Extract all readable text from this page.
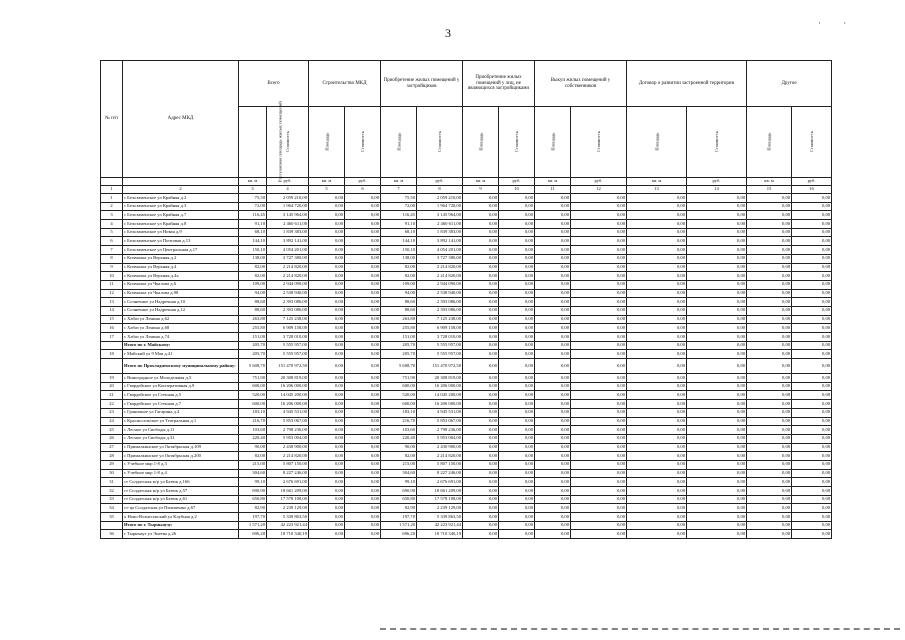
3
· ·
№ п/п	Адрес МКД	Всего		Строительство МКД		Приобретение жилых помещений у застройщиков		Приобретение жилых помещений у лиц, не являющихся застройщиками		Выкуп жилых помещений у собственников		Договор о развитии застроенной территории		Другое	
		Расселяемая площадь жилых помещений	Стоимость	Площадь	Стоимость	Площадь	Стоимость	Площадь	Стоимость	Площадь	Стоимость	Площадь	Стоимость	Площадь	Стоимость
		кв. м	руб.	кв. м	руб.	кв. м	руб.	кв. м	руб.	кв. м	руб.	кв. м	руб.	кв. м	руб.
1	2	3	4	5	6	7	8	9	10	11	12	13	14	15	16
1	с Белозаменское ул Крайняя д.2	75,50	2 059 210,00	0,00	0,00	75,50	2 059 210,00	0,00	0,00	0,00	0,00	0,00	0,00	0,00	0,00
2	с Белозаменское ул Крайняя д.3	72,00	1 964 720,00	0,00	0,00	72,00	1 964 720,00	0,00	0,00	0,00	0,00	0,00	0,00	0,00	0,00
3	с Белозаменское ул Крайняя д.7	116,45	3 145 964,00	0,00	0,00	116,45	3 145 964,00	0,00	0,00	0,00	0,00	0,00	0,00	0,00	0,00
4	с Белозаменское ул Крайняя д.8	91,10	2 460 611,00	0,00	0,00	91,10	2 460 611,00	0,00	0,00	0,00	0,00	0,00	0,00	0,00	0,00
5	с Белозаменское ул Новая д.9	68,10	1 839 383,00	0,00	0,00	68,10	1 839 383,00	0,00	0,00	0,00	0,00	0,00	0,00	0,00	0,00
6	с Белозаменское ул Почтовая д.13	144,10	3 892 141,00	0,00	0,00	144,10	3 892 141,00	0,00	0,00	0,00	0,00	0,00	0,00	0,00	0,00
7	с Белозаменское ул Центральная д.17	150,10	4 054 201,00	0,00	0,00	150,10	4 054 201,00	0,00	0,00	0,00	0,00	0,00	0,00	0,00	0,00
8	с Кичмалка ул Верхняя д.2	138,00	3 727 380,00	0,00	0,00	138,00	3 727 380,00	0,00	0,00	0,00	0,00	0,00	0,00	0,00	0,00
9	с Кичмалка ул Верхняя д.4	82,00	2 214 820,00	0,00	0,00	82,00	2 214 820,00	0,00	0,00	0,00	0,00	0,00	0,00	0,00	0,00
10	с Кичмалка ул Верхняя д.4а	82,00	2 214 820,00	0,00	0,00	82,00	2 214 820,00	0,00	0,00	0,00	0,00	0,00	0,00	0,00	0,00
11	с Кичмалка ул Чкалова д.6	109,00	2 944 090,00	0,00	0,00	109,00	2 944 090,00	0,00	0,00	0,00	0,00	0,00	0,00	0,00	0,00
12	с Кичмалка ул Чкалова д.98	94,00	2 538 940,00	0,00	0,00	94,00	2 538 940,00	0,00	0,00	0,00	0,00	0,00	0,00	0,00	0,00
13	с Солнечное ул Надречная д.10	88,60	2 393 086,00	0,00	0,00	88,60	2 393 086,00	0,00	0,00	0,00	0,00	0,00	0,00	0,00	0,00
14	с Солнечное ул Надречная д.12	88,60	2 393 086,00	0,00	0,00	88,60	2 393 086,00	0,00	0,00	0,00	0,00	0,00	0,00	0,00	0,00
15	с Хабаз ул Ленина д.62	263,80	7 125 238,00	0,00	0,00	263,80	7 125 238,00	0,00	0,00	0,00	0,00	0,00	0,00	0,00	0,00
16	с Хабаз ул Ленина д.68	255,80	6 909 158,00	0,00	0,00	255,80	6 909 158,00	0,00	0,00	0,00	0,00	0,00	0,00	0,00	0,00
17	с Хабаз ул Ленина д.74	151,00	3 728 010,00	0,00	0,00	151,00	3 728 010,00	0,00	0,00	0,00	0,00	0,00	0,00	0,00	0,00
	Итого по г. Майскому:	205,70	5 555 957,00	0,00	0,00	205,70	5 555 957,00	0,00	0,00	0,00	0,00	0,00	0,00	0,00	0,00
18	г Майский ул 9 Мая д.41	205,70	5 555 957,00	0,00	0,00	205,70	5 555 957,00	0,00	0,00	0,00	0,00	0,00	0,00	0,00	0,00
	Итого по Прохладненскому муниципальному району:	5 608,70	151 470 972,50	0,00	0,00	5 608,70	151 470 972,50	0,00	0,00	0,00	0,00	0,00	0,00	0,00	0,00
19	с Виноградное ул Молодежная д.5	751,90	20 308 819,00	0,00	0,00	751,90	20 308 819,00	0,00	0,00	0,00	0,00	0,00	0,00	0,00	0,00
20	с Гвардейское ул Кооперативная д.9	600,00	16 206 000,00	0,00	0,00	600,00	16 206 000,00	0,00	0,00	0,00	0,00	0,00	0,00	0,00	0,00
21	с Гвардейское ул Степная д.5	520,00	14 045 200,00	0,00	0,00	520,00	14 045 200,00	0,00	0,00	0,00	0,00	0,00	0,00	0,00	0,00
22	с Гвардейское ул Степная д.7	600,00	16 206 000,00	0,00	0,00	600,00	16 206 000,00	0,00	0,00	0,00	0,00	0,00	0,00	0,00	0,00
23	с Граничное ул Гагарина д.4	183,10	4 945 531,00	0,00	0,00	183,10	4 945 531,00	0,00	0,00	0,00	0,00	0,00	0,00	0,00	0,00
24	с Красносельское ул Театральная д.1	216,70	5 853 067,00	0,00	0,00	216,70	5 853 067,00	0,00	0,00	0,00	0,00	0,00	0,00	0,00	0,00
25	с Лесное ул Свободы д.11	103,60	2 798 236,00	0,00	0,00	103,60	2 798 236,00	0,00	0,00	0,00	0,00	0,00	0,00	0,00	0,00
26	с Лесное ул Свободы д.31	220,40	5 953 004,00	0,00	0,00	220,40	5 953 004,00	0,00	0,00	0,00	0,00	0,00	0,00	0,00	0,00
27	с Прималкинское ул Октябрьская д.109	90,00	2 430 900,00	0,00	0,00	90,00	2 430 900,00	0,00	0,00	0,00	0,00	0,00	0,00	0,00	0,00
28	с Прималкинское ул Октябрьская д.200	82,00	2 214 820,00	0,00	0,00	82,00	2 214 820,00	0,00	0,00	0,00	0,00	0,00	0,00	0,00	0,00
29	с Учебное мкр 1-8 д.3	215,00	5 807 150,00	0,00	0,00	215,00	5 807 150,00	0,00	0,00	0,00	0,00	0,00	0,00	0,00	0,00
30	с Учебное мкр 1-8 д.4	304,60	8 227 246,00	0,00	0,00	304,60	8 227 246,00	0,00	0,00	0,00	0,00	0,00	0,00	0,00	0,00
31	ст Солдатская м/р ул Батюк д.166	99,10	2 676 691,00	0,00	0,00	99,10	2 676 691,00	0,00	0,00	0,00	0,00	0,00	0,00	0,00	0,00
32	ст Солдатская м/р ул Батюк д.57	690,90	18 661 209,00	0,00	0,00	690,90	18 661 209,00	0,00	0,00	0,00	0,00	0,00	0,00	0,00	0,00
33	ст Солдатская м/р ул Батюк д.61	650,80	17 578 108,00	0,00	0,00	650,80	17 578 108,00	0,00	0,00	0,00	0,00	0,00	0,00	0,00	0,00
34	ст-ца Солдатская ул Пилипенко д.67	82,90	2 239 129,00	0,00	0,00	82,90	2 239 129,00	0,00	0,00	0,00	0,00	0,00	0,00	0,00	0,00
35	х Ново-Вознесенский ул Клубная д.2	197,70	5 339 863,50	0,00	0,00	197,70	5 339 863,50	0,00	0,00	0,00	0,00	0,00	0,00	0,00	0,00
	Итого по г. Тырныаузу:	1 571,20	42 223 921,44	0,00	0,00	1 571,20	42 223 921,44	0,00	0,00	0,00	0,00	0,00	0,00	0,00	0,00
36	г Тырныауз ул Энеева д.26	696,20	18 710 340,19	0,00	0,00	696,20	18 710 340,19	0,00	0,00	0,00	0,00	0,00	0,00	0,00	0,00
